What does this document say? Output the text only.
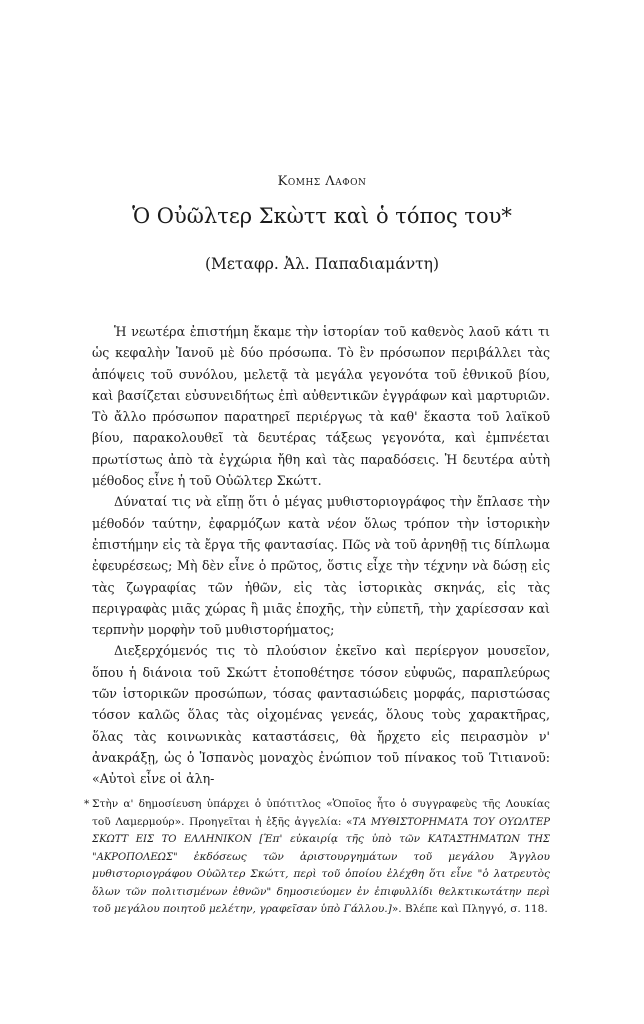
Κομης Λαφον
Ὁ Οὐῶλτερ Σκὼττ καὶ ὁ τόπος του*
(Μεταφρ. Ἀλ. Παπαδιαμάντη)

Ἡ νεωτέρα ἐπιστήμη ἔκαμε τὴν ἱστορίαν τοῦ καθενὸς λαοῦ κάτι τι ὡς κεφαλὴν Ἰανοῦ μὲ δύο πρόσωπα. Τὸ ἓν πρόσωπον περιβάλλει τὰς ἀπόψεις τοῦ συνόλου, μελετᾷ τὰ μεγάλα γεγονότα τοῦ ἐθνικοῦ βίου, καὶ βασίζεται εὐσυνειδήτως ἐπὶ αὐθεντικῶν ἐγγράφων καὶ μαρτυριῶν. Τὸ ἄλλο πρόσωπον παρατηρεῖ περιέργως τὰ καθ' ἕκαστα τοῦ λαϊκοῦ βίου, παρακολουθεῖ τὰ δευτέρας τάξεως γεγονότα, καὶ ἐμπνέεται πρωτίστως ἀπὸ τὰ ἐγχώρια ἤθη καὶ τὰς παραδόσεις. Ἡ δευτέρα αὐτὴ μέθοδος εἶνε ἡ τοῦ Οὐῶλτερ Σκώττ.

Δύναταί τις νὰ εἴπῃ ὅτι ὁ μέγας μυθιστοριογράφος τὴν ἔπλασε τὴν μέθοδόν ταύτην, ἐφαρμόζων κατὰ νέον ὅλως τρόπον τὴν ἱστορικὴν ἐπιστήμην εἰς τὰ ἔργα τῆς φαντασίας. Πῶς νὰ τοῦ ἀρνηθῇ τις δίπλωμα ἐφευρέσεως; Μὴ δὲν εἶνε ὁ πρῶτος, ὅστις εἶχε τὴν τέχνην νὰ δώσῃ εἰς τὰς ζωγραφίας τῶν ἠθῶν, εἰς τὰς ἱστορικὰς σκηνάς, εἰς τὰς περιγραφὰς μιᾶς χώρας ἢ μιᾶς ἐποχῆς, τὴν εὐπετῆ, τὴν χαρίεσσαν καὶ τερπνὴν μορφὴν τοῦ μυθιστορήματος;

Διεξερχόμενός τις τὸ πλούσιον ἐκεῖνο καὶ περίεργον μουσεῖον, ὅπου ἡ διάνοια τοῦ Σκώττ ἐτοποθέτησε τόσον εὐφυῶς, παραπλεύρως τῶν ἱστορικῶν προσώπων, τόσας φαντασιώδεις μορφάς, παριστώσας τόσον καλῶς ὅλας τὰς οἰχομένας γενεάς, ὅλους τοὺς χαρακτῆρας, ὅλας τὰς κοινωνικὰς καταστάσεις, θὰ ἤρχετο εἰς πειρασμὸν ν' ἀνακράξῃ, ὡς ὁ Ἱσπανὸς μοναχὸς ἐνώπιον τοῦ πίνακος τοῦ Τιτιανοῦ: «Αὐτοὶ εἶνε οἱ ἀλη-

* Στὴν α' δημοσίευση ὑπάρχει ὁ ὑπότιτλος «Ὁποῖος ἦτο ὁ συγγραφεὺς τῆς Λουκίας τοῦ Λαμερμούρ». Προηγεῖται ἡ ἑξῆς ἀγγελία: «ΤΑ ΜΥΘΙΣΤΟΡΗΜΑΤΑ ΤΟΥ ΟΥΩΛΤΕΡ ΣΚΩΤΤ ΕΙΣ ΤΟ ΕΛΛΗΝΙΚΟΝ [Ἐπ' εὐκαιρίᾳ τῆς ὑπὸ τῶν ΚΑΤΑΣΤΗΜΑΤΩΝ ΤΗΣ "ΑΚΡΟΠΟΛΕΩΣ" ἐκδόσεως τῶν ἀριστουργημάτων τοῦ μεγάλου Ἄγγλου μυθιστοριογράφου Οὐῶλτερ Σκώττ, περὶ τοῦ ὁποίου ἐλέχθη ὅτι εἶνε "ὁ λατρευτὸς ὅλων τῶν πολιτισμένων ἐθνῶν" δημοσιεύομεν ἐν ἐπιφυλλίδι θελκτικωτάτην περὶ τοῦ μεγάλου ποιητοῦ μελέτην, γραφεῖσαν ὑπὸ Γάλλου.]». Βλέπε καὶ Πληγγό, σ. 118.
